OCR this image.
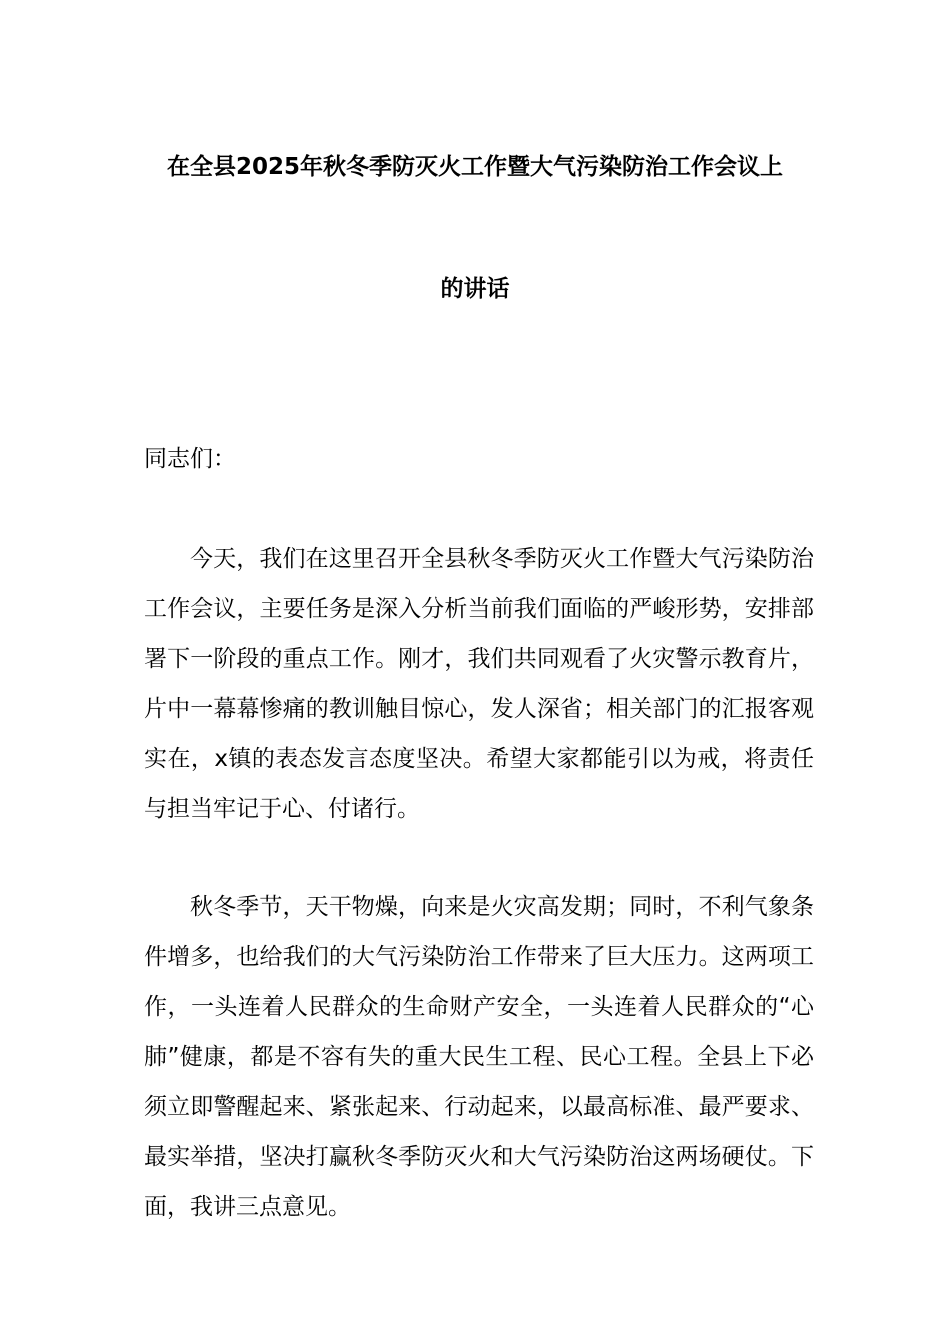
在全县2025年秋冬季防灭火工作暨大气污染防治工作会议上
的讲话
同志们：

今天，我们在这里召开全县秋冬季防灭火工作暨大气污染防治工作会议，主要任务是深入分析当前我们面临的严峻形势，安排部署下一阶段的重点工作。刚才，我们共同观看了火灾警示教育片，片中一幕幕惨痛的教训触目惊心，发人深省；相关部门的汇报客观实在，x镇的表态发言态度坚决。希望大家都能引以为戒，将责任与担当牢记于心、付诸行。

秋冬季节，天干物燥，向来是火灾高发期；同时，不利气象条件增多，也给我们的大气污染防治工作带来了巨大压力。这两项工作，一头连着人民群众的生命财产安全，一头连着人民群众的“心肺”健康，都是不容有失的重大民生工程、民心工程。全县上下必须立即警醒起来、紧张起来、行动起来，以最高标准、最严要求、最实举措，坚决打赢秋冬季防灭火和大气污染防治这两场硬仗。下面，我讲三点意见。
